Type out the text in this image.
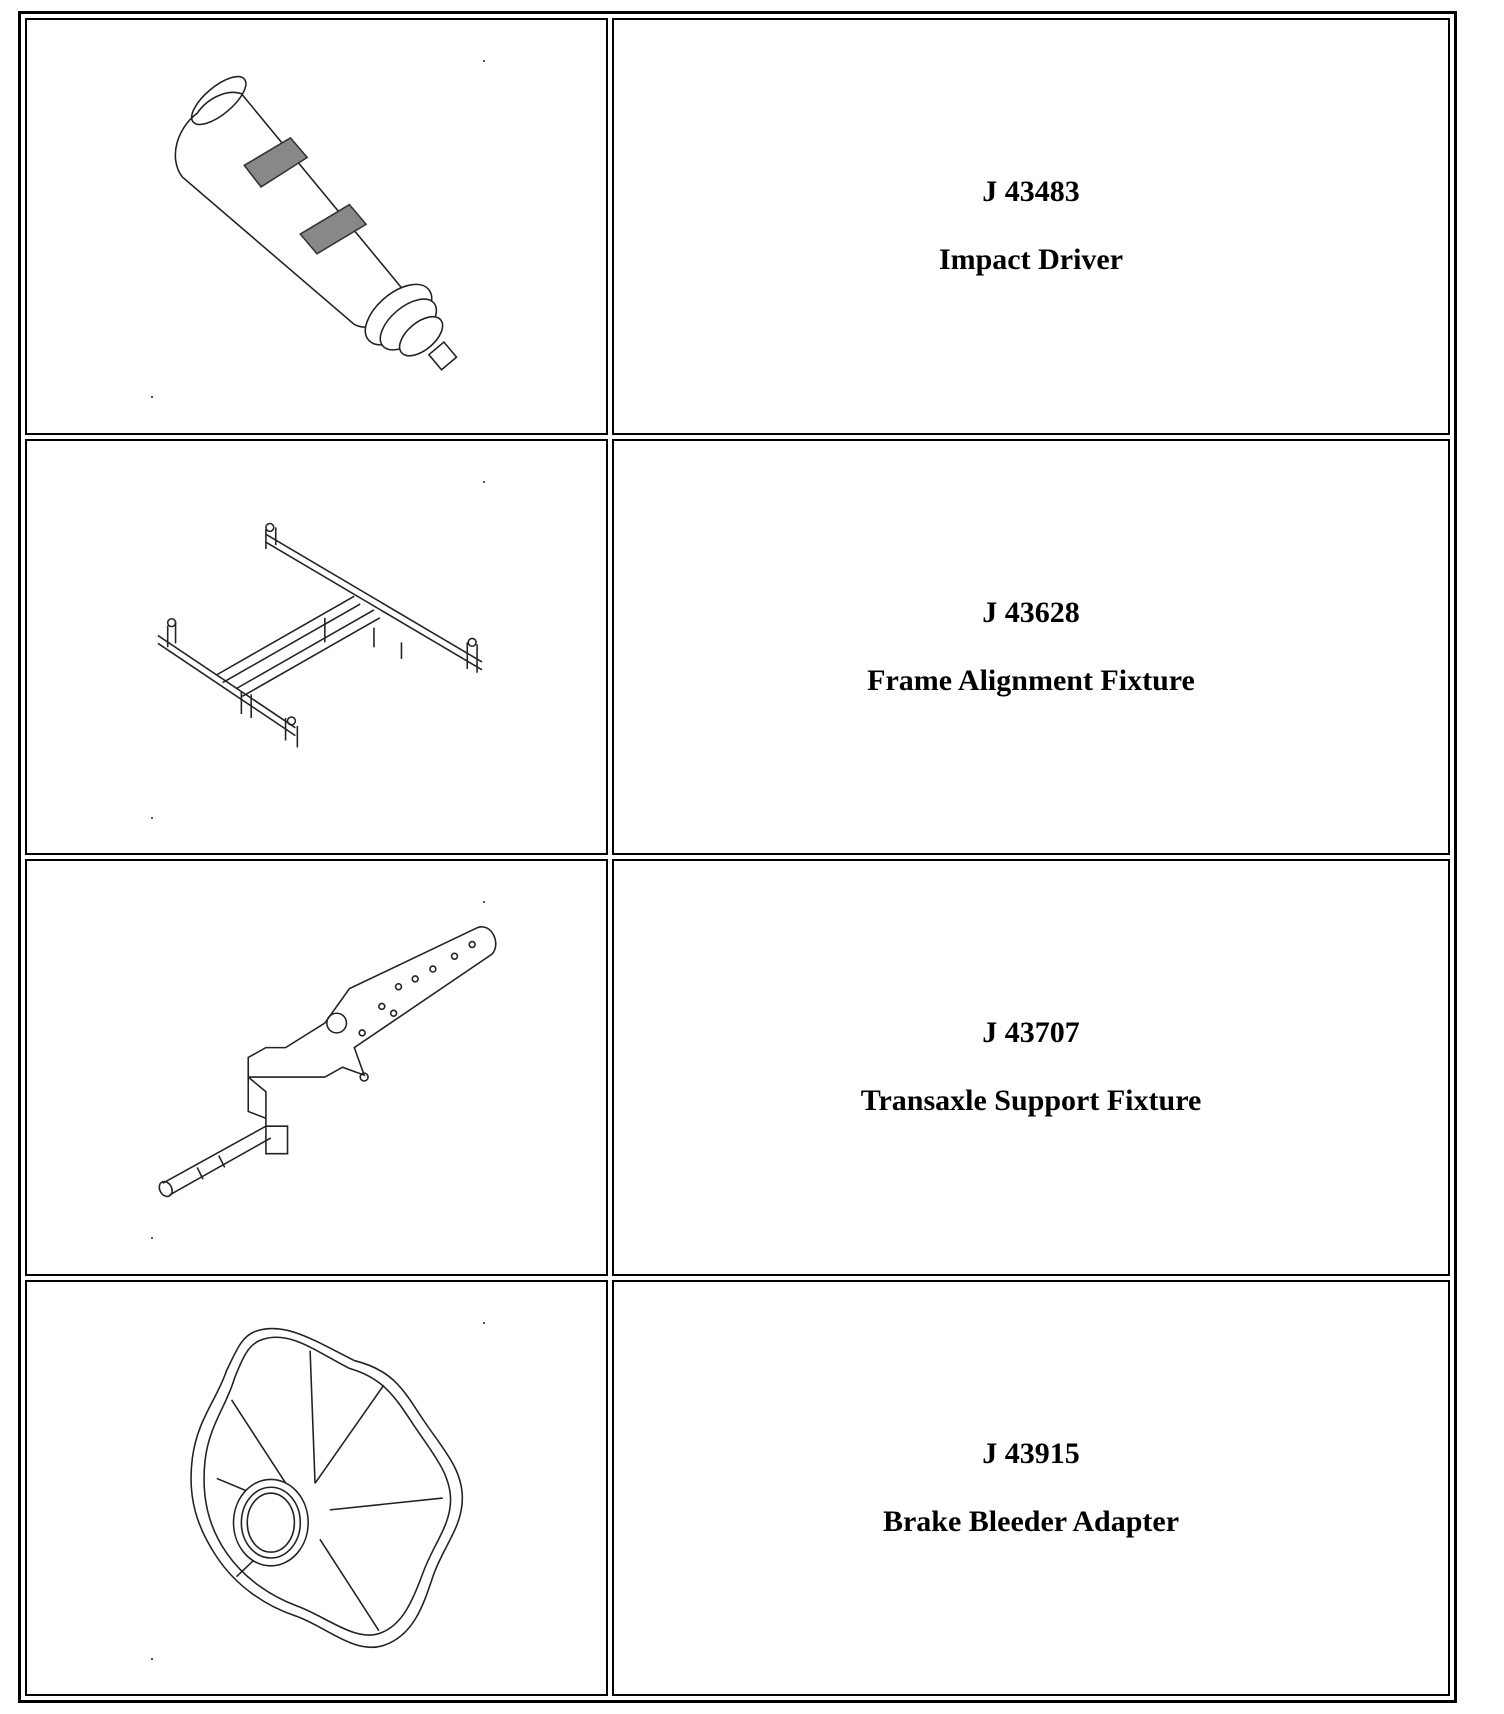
J 43483
Impact Driver
J 43628
Frame Alignment Fixture
J 43707
Transaxle Support Fixture
J 43915
Brake Bleeder Adapter
